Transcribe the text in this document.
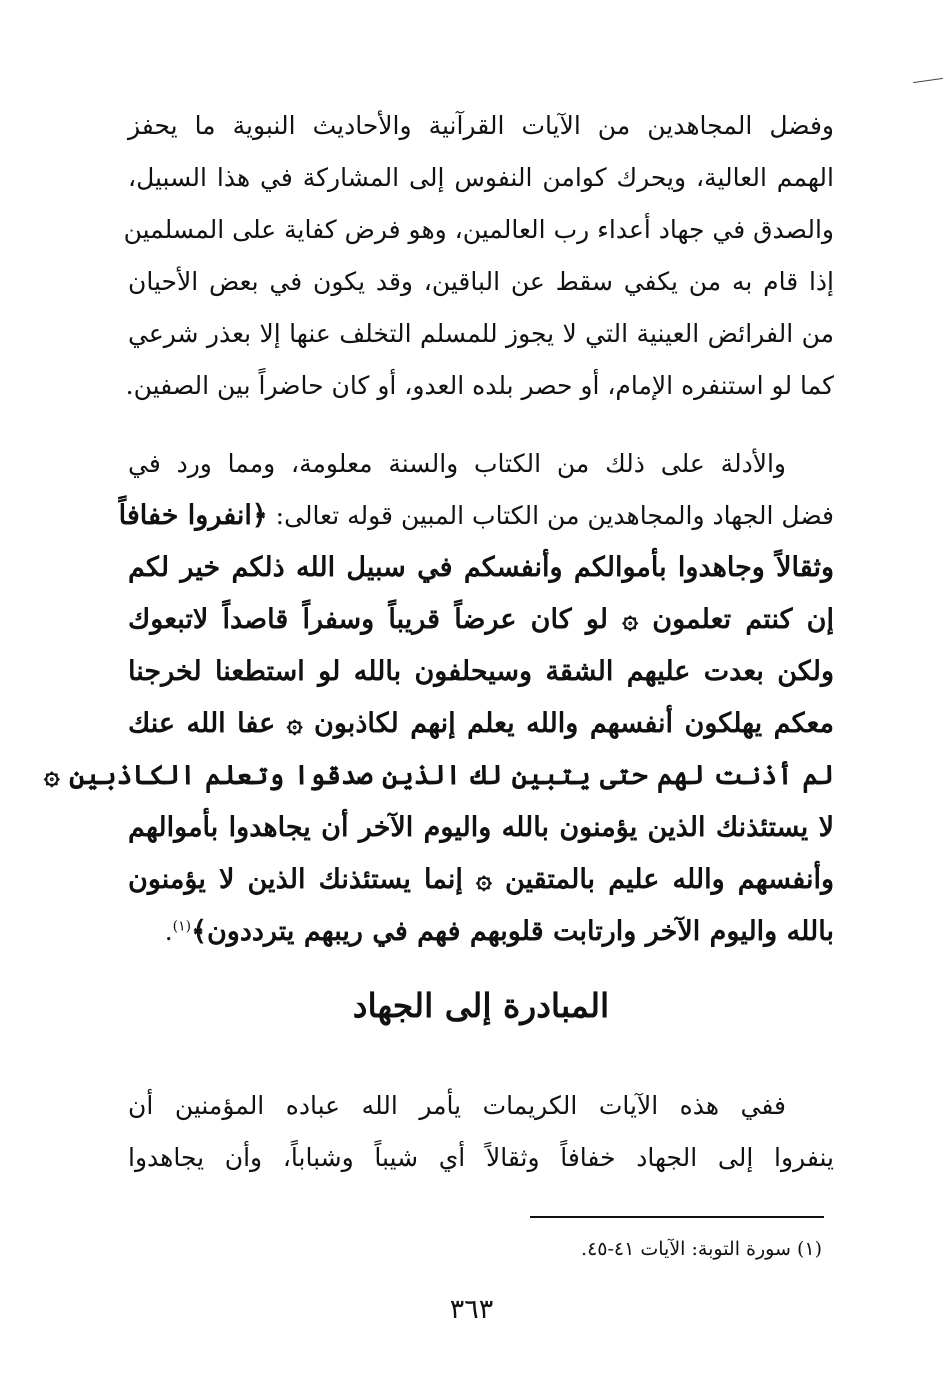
وفضل المجاهدين من الآيات القرآنية والأحاديث النبوية ما يحفز
الهمم العالية، ويحرك كوامن النفوس إلى المشاركة في هذا السبيل،
والصدق في جهاد أعداء رب العالمين، وهو فرض كفاية على المسلمين
إذا قام به من يكفي سقط عن الباقين، وقد يكون في بعض الأحيان
من الفرائض العينية التي لا يجوز للمسلم التخلف عنها إلا بعذر شرعي
كما لو استنفره الإمام، أو حصر بلده العدو، أو كان حاضراً بين الصفين.
والأدلة على ذلك من الكتاب والسنة معلومة، ومما ورد في
فضل الجهاد والمجاهدين من الكتاب المبين قوله تعالى: ﴿انفروا خفافاً
وثقالاً وجاهدوا بأموالكم وأنفسكم في سبيل الله ذلكم خير لكم
إن كنتم تعلمون ۞ لو كان عرضاً قريباً وسفراً قاصداً لاتبعوك
ولكن بعدت عليهم الشقة وسيحلفون بالله لو استطعنا لخرجنا
معكم يهلكون أنفسهم والله يعلم إنهم لكاذبون ۞ عفا الله عنك
لم أذنت لهم حتى يتبين لك الذين صدقوا وتعلم الكاذبين ۞
لا يستئذنك الذين يؤمنون بالله واليوم الآخر أن يجاهدوا بأموالهم
وأنفسهم والله عليم بالمتقين ۞ إنما يستئذنك الذين لا يؤمنون
بالله واليوم الآخر وارتابت قلوبهم فهم في ريبهم يترددون﴾$^{(١)}$.
المبادرة إلى الجهاد
ففي هذه الآيات الكريمات يأمر الله عباده المؤمنين أن
ينفروا إلى الجهاد خفافاً وثقالاً أي شيباً وشباباً، وأن يجاهدوا
(١) سورة التوبة: الآيات ٤١-٤٥.
٣٦٣
